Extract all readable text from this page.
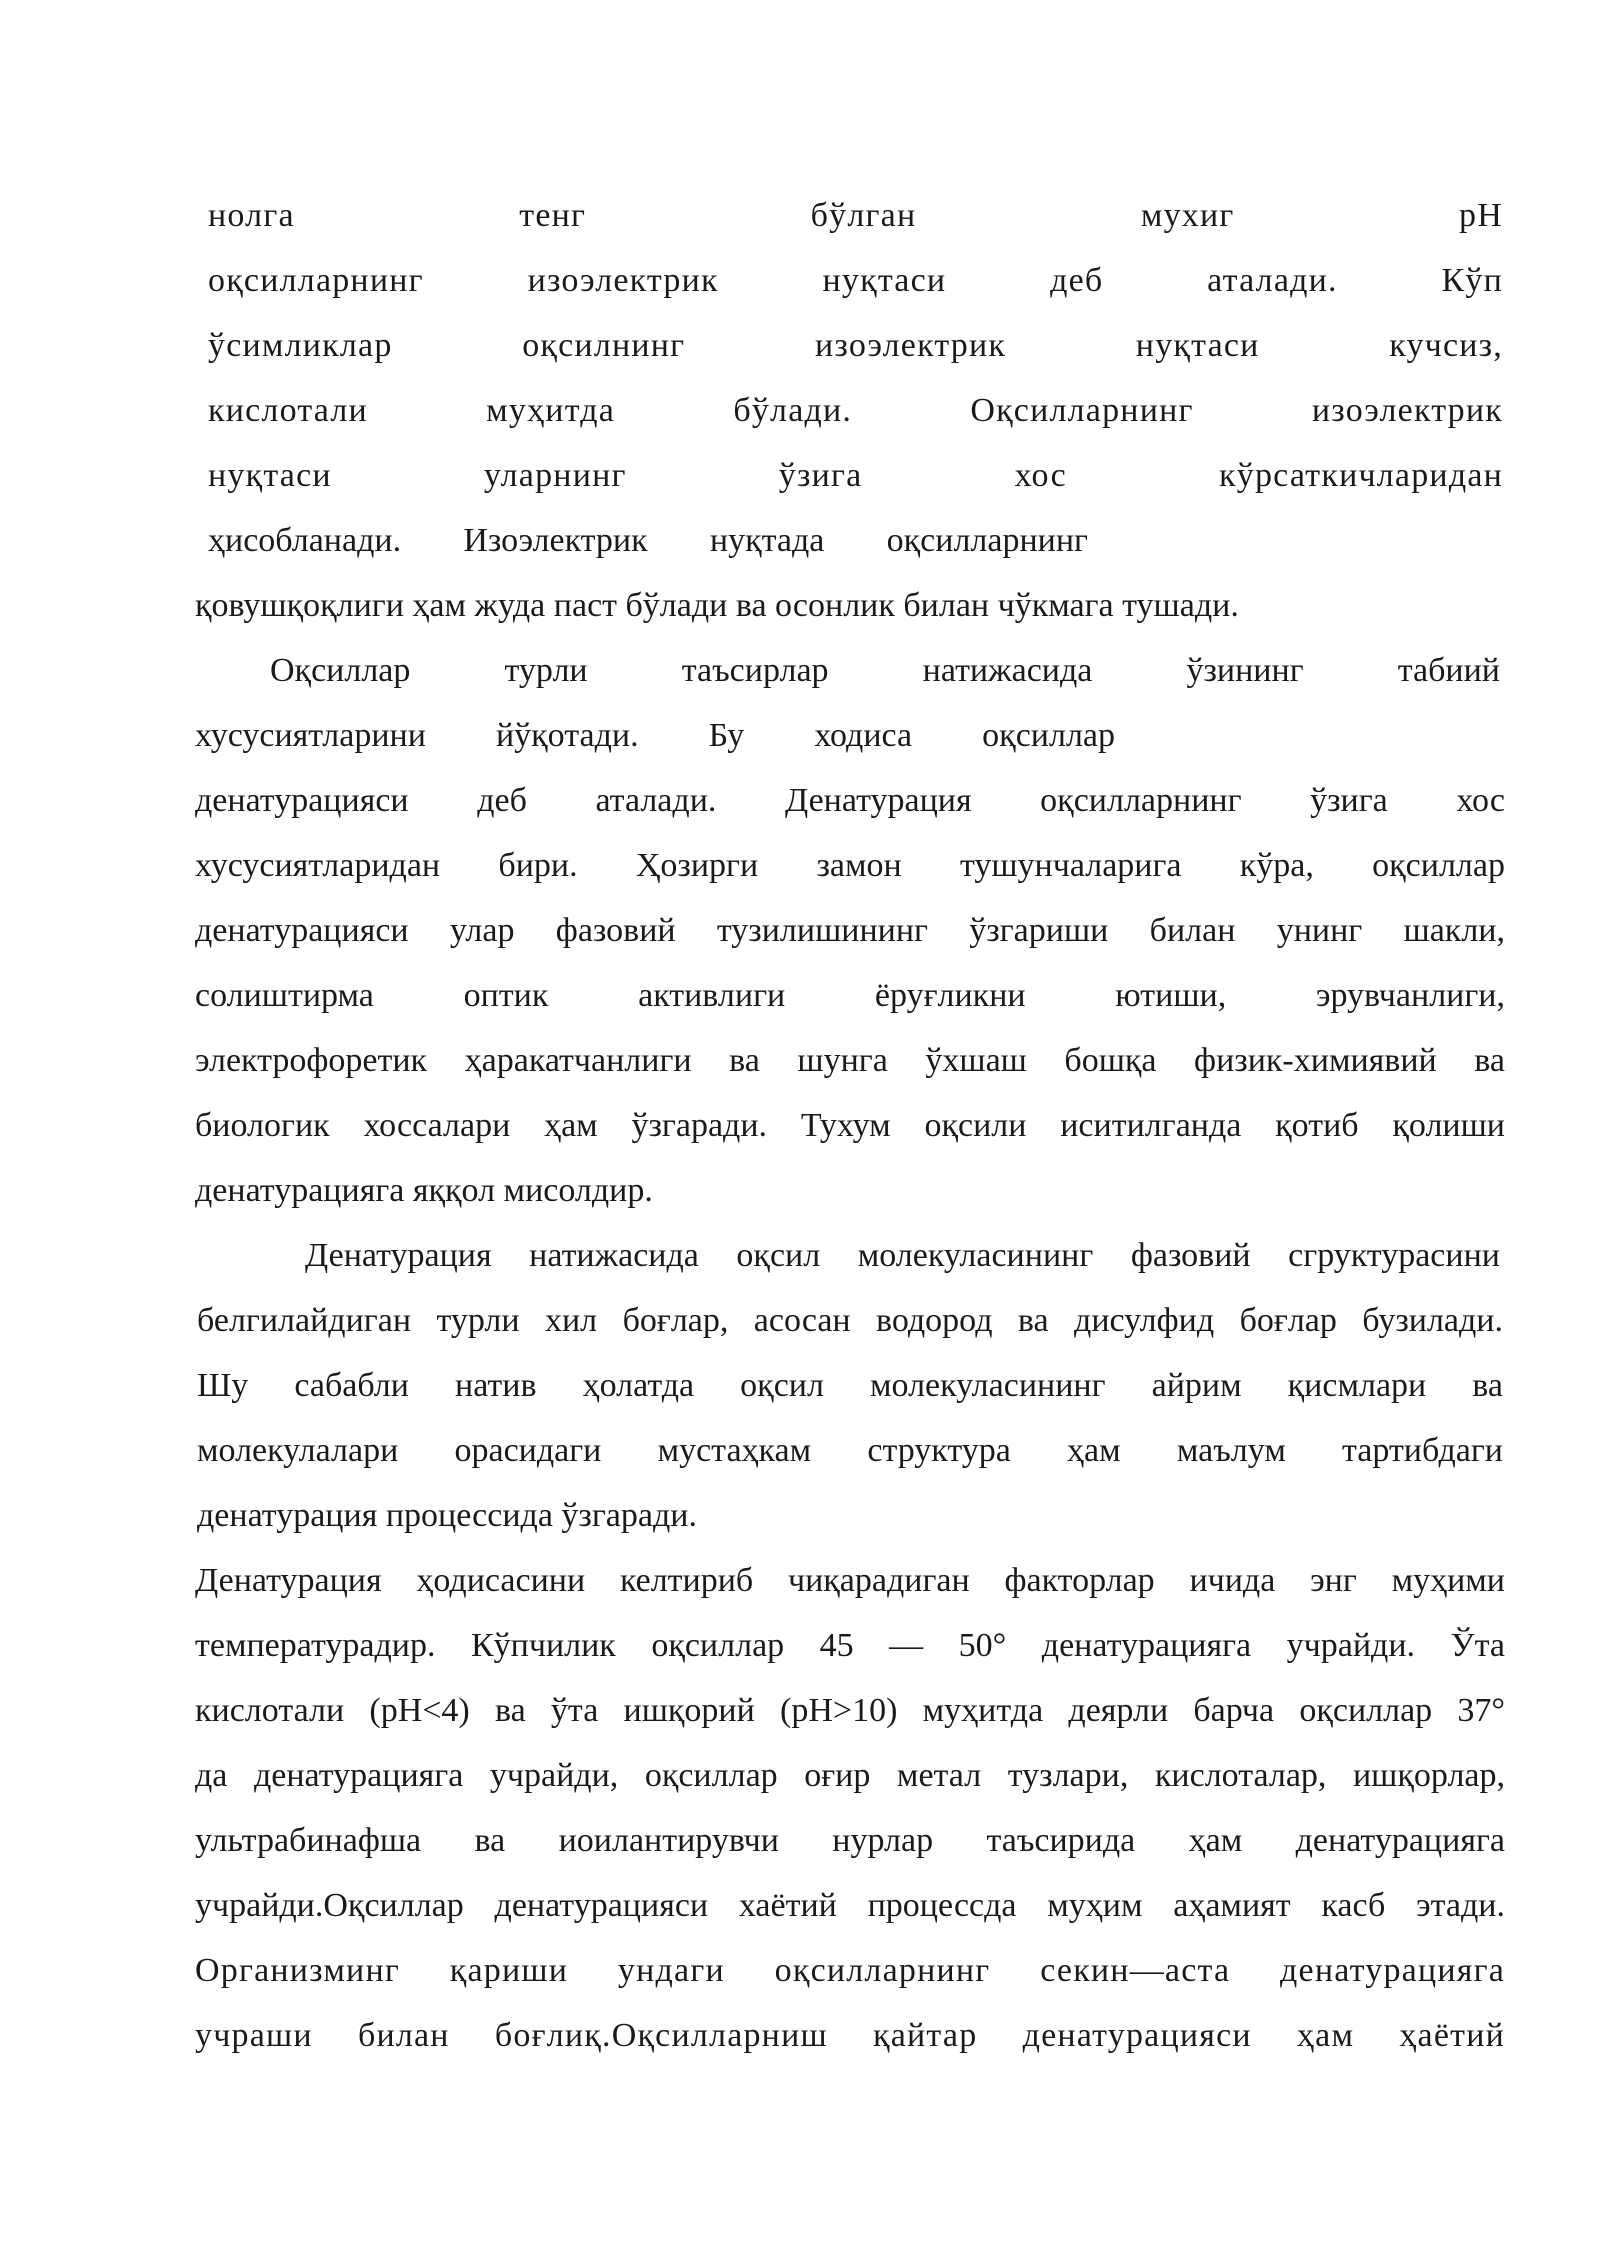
нолга тенг бўлган мухиг pH
оқсилларнинг изоэлектрик нуқтаси деб аталади. Кўп
ўсимликлар оқсилнинг изоэлектрик нуқтаси кучсиз,
кислотали муҳитда бўлади. Оқсилларнинг изоэлектрик
нуқтаси уларнинг ўзига хос кўрсаткичларидан
ҳисобланади. Изоэлектрик нуқтада оқсилларнинг
қовушқоқлиги ҳам жуда паст бўлади ва осонлик билан чўкмага тушади.
Оқсиллар турли таъсирлар натижасида ўзининг табиий
хусусиятларини йўқотади. Бу ходиса оқсиллар
денатурацияси деб аталади. Денатурация оқсилларнинг ўзига хос
хусусиятларидан бири. Ҳозирги замон тушунчаларига кўра, оқсиллар
денатурацияси улар фазовий тузилишининг ўзгариши билан унинг шакли,
солиштирма оптик активлиги ёруғликни ютиши, эрувчанлиги,
электрофоретик ҳаракатчанлиги ва шунга ўхшаш бошқа физик-химиявий ва
биологик хоссалари ҳам ўзгаради. Тухум оқсили иситилганда қотиб қолиши
денатурацияга яққол мисолдир.
Денатурация натижасида оқсил молекуласининг фазовий сгруктурасини
белгилайдиган турли хил боғлар, асосан водород ва дисулфид боғлар бузилади.
Шу сабабли натив ҳолатда оқсил молекуласининг айрим қисмлари ва
молекулалари орасидаги мустаҳкам структура ҳам маълум тартибдаги
денатурация процессида ўзгаради.
Денатурация ҳодисасини келтириб чиқарадиган факторлар ичида энг муҳими
температурадир. Кўпчилик оқсиллар 45 — 50° денатурацияга учрайди. Ўта
кислотали (pH<4) ва ўта ишқорий (pH>10) муҳитда деярли барча оқсиллар 37°
да денатурацияга учрайди, оқсиллар оғир метал тузлари, кислоталар, ишқорлар,
ультрабинафша ва иоилантирувчи нурлар таъсирида ҳам денатурацияга
учрайди.Оқсиллар денатурацияси хаётий процессда муҳим аҳамият касб этади.
Организминг қариши ундаги оқсилларнинг секин—аста денатурацияга
учраши билан боғлиқ.Оқсилларниш қайтар денатурацияси ҳам ҳаётий
